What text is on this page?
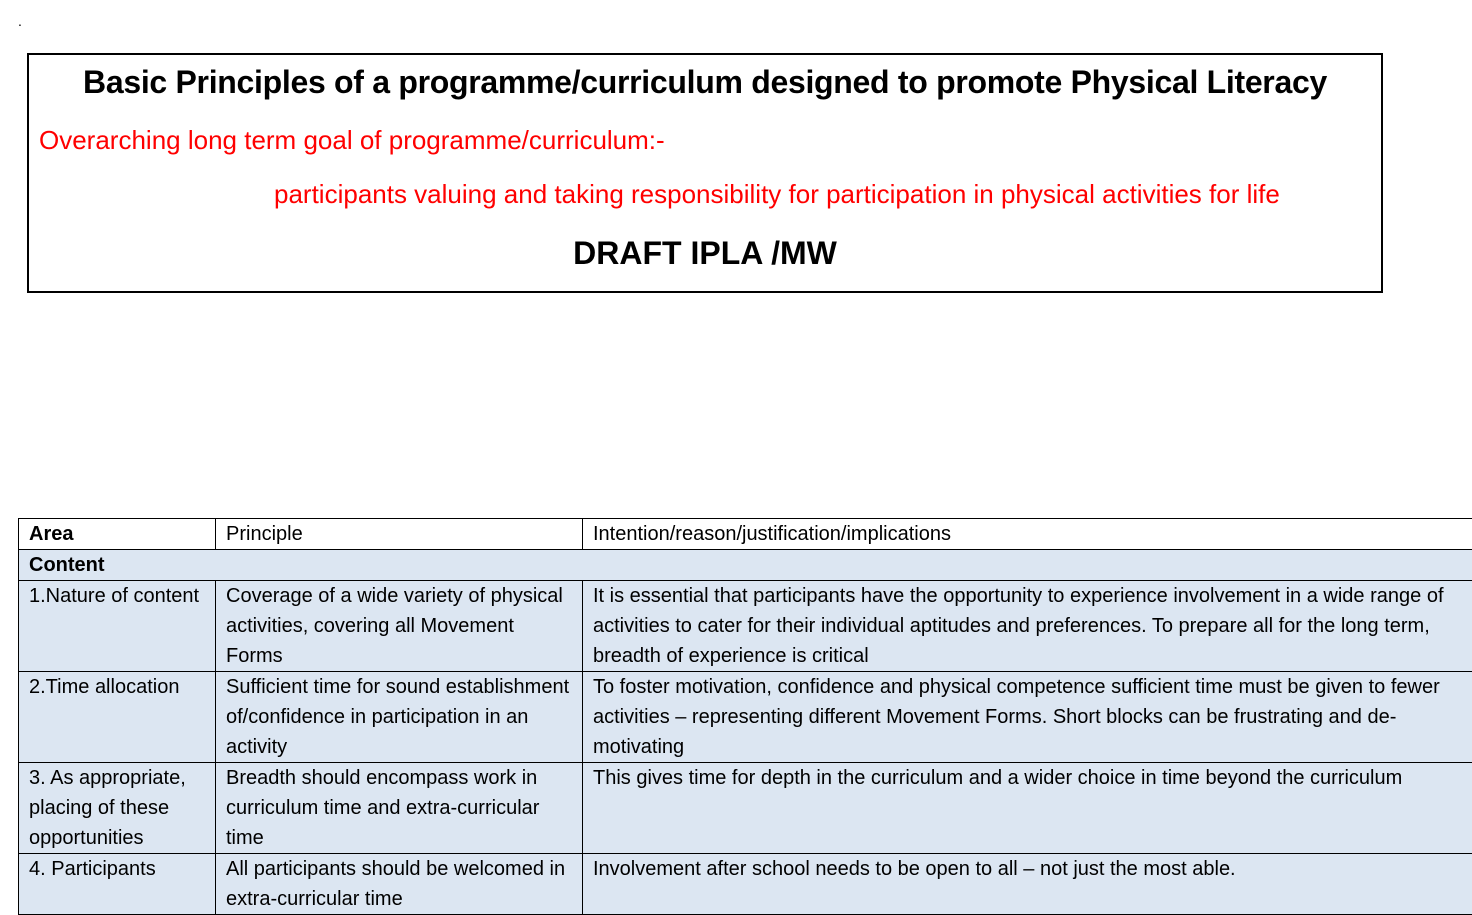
.
Basic Principles of a programme/curriculum designed to promote Physical Literacy
Overarching long term goal of programme/curriculum:-
participants valuing and taking responsibility for participation in physical activities for life
DRAFT IPLA /MW
Area	Principle	Intention/reason/justification/implications
Content		
1.Nature of content	Coverage of a wide variety of physical activities, covering all Movement Forms	It is essential that participants have the opportunity to experience involvement in a wide range of activities to cater for their individual aptitudes and preferences. To prepare all for the long term, breadth of experience is critical
2.Time allocation	Sufficient time for sound establishment of/confidence in participation in an activity	To foster motivation, confidence and physical competence sufficient time must be given to fewer activities – representing different Movement Forms. Short blocks can be frustrating and de-motivating
3. As appropriate, placing of these opportunities	Breadth should encompass work in curriculum time and extra-curricular time	This gives time for depth in the curriculum and a wider choice in time beyond the curriculum
4. Participants	All participants should be welcomed in extra-curricular time	Involvement after school needs to be open to all – not just the most able.
